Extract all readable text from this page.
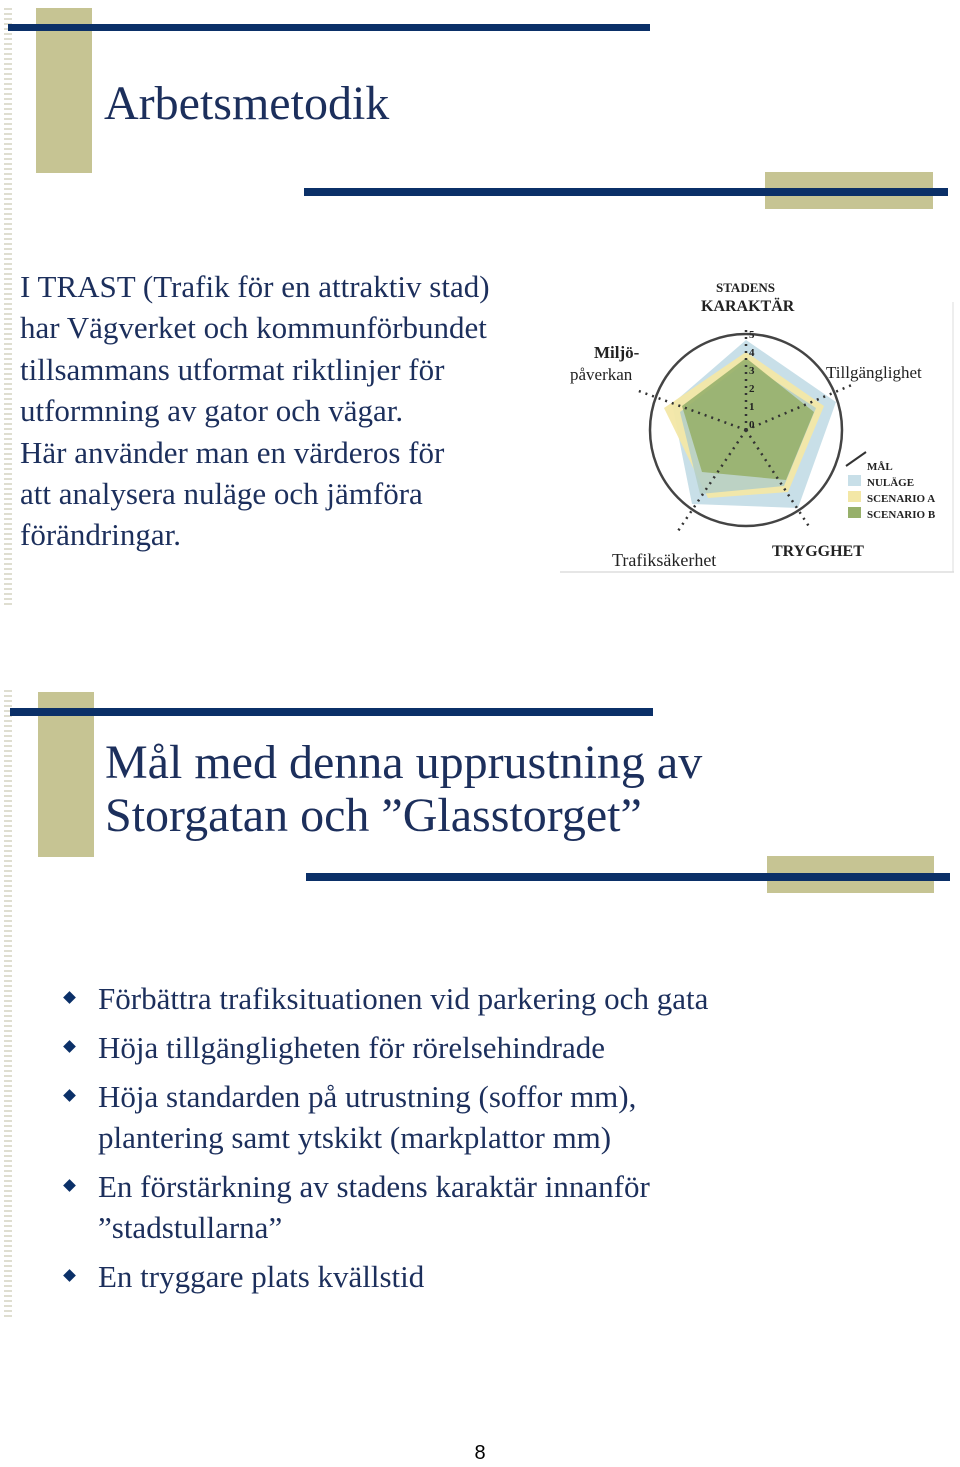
Arbetsmetodik
I TRAST (Trafik för en attraktiv stad)
har Vägverket och kommunförbundet
tillsammans utformat riktlinjer för
utformning av gator och vägar.
Här använder man en värderos för
att analysera nuläge och jämföra
förändringar.
5
4
3
2
1
0
STADENS
KARAKTÄR
Miljö-
påverkan	Tillgänglighet
Trafiksäkerhet	TRYGGHET
MÅL
NULÄGE
SCENARIO A
SCENARIO B
Mål med denna upprustning av
Storgatan och ”Glasstorget”
Förbättra trafiksituationen vid parkering och gata
Höja tillgängligheten för rörelsehindrade
Höja standarden på utrustning (soffor mm),
plantering samt ytskikt (markplattor mm)
En förstärkning av stadens karaktär innanför
”stadstullarna”
En tryggare plats kvällstid
8
